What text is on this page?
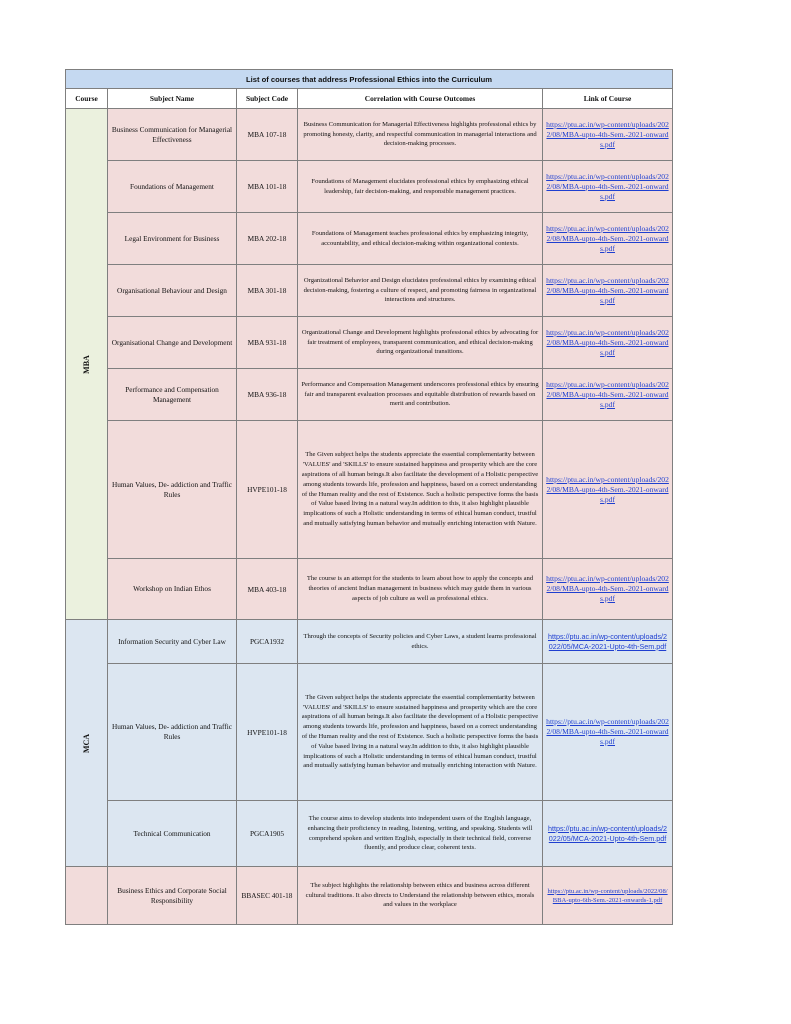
List of courses that address Professional Ethics into the Curriculum				
Course	Subject Name	Subject Code	Correlation with Course Outcomes	Link of Course
MBA	Business Communication for Managerial Effectiveness	MBA 107-18	Business Communication for Managerial Effectiveness highlights professional ethics by promoting honesty, clarity, and respectful communication in managerial interactions and decision-making processes.	https://ptu.ac.in/wp-content/uploads/2022/08/MBA-upto-4th-Sem.-2021-onwards.pdf
	Foundations of Management	MBA 101-18	Foundations of Management elucidates professional ethics by emphasizing ethical leadership, fair decision-making, and responsible management practices.	https://ptu.ac.in/wp-content/uploads/2022/08/MBA-upto-4th-Sem.-2021-onwards.pdf
	Legal Environment for Business	MBA 202-18	Foundations of Management teaches professional ethics by emphasizing integrity, accountability, and ethical decision-making within organizational contexts.	https://ptu.ac.in/wp-content/uploads/2022/08/MBA-upto-4th-Sem.-2021-onwards.pdf
	Organisational Behaviour and Design	MBA 301-18	Organizational Behavior and Design elucidates professional ethics by examining ethical decision-making, fostering a culture of respect, and promoting fairness in organizational interactions and structures.	https://ptu.ac.in/wp-content/uploads/2022/08/MBA-upto-4th-Sem.-2021-onwards.pdf
	Organisational Change and Development	MBA 931-18	Organizational Change and Development highlights professional ethics by advocating for fair treatment of employees, transparent communication, and ethical decision-making during organizational transitions.	https://ptu.ac.in/wp-content/uploads/2022/08/MBA-upto-4th-Sem.-2021-onwards.pdf
	Performance and Compensation Management	MBA 936-18	Performance and Compensation Management underscores professional ethics by ensuring fair and transparent evaluation processes and equitable distribution of rewards based on merit and contribution.	https://ptu.ac.in/wp-content/uploads/2022/08/MBA-upto-4th-Sem.-2021-onwards.pdf
	Human Values, De- addiction and Traffic Rules	HVPE101-18	The Given subject helps the students appreciate the essential complementarity between 'VALUES' and 'SKILLS' to ensure sustained happiness and prosperity which are the core aspirations of all human beings.It also facilitate the development of a Holistic perspective among students towards life, profession and happiness, based on a correct understanding of the Human reality and the rest of Existence. Such a holistic perspective forms the basis of Value based living in a natural way.In addition to this, it also highlight plausible implications of such a Holistic understanding in terms of ethical human conduct, trustful and mutually satisfying human behavior and mutually enriching interaction with Nature.	https://ptu.ac.in/wp-content/uploads/2022/08/MBA-upto-4th-Sem.-2021-onwards.pdf
	Workshop on Indian Ethos	MBA 403-18	The course is an attempt for the students to learn about how to apply the concepts and theories of ancient Indian management in business which may guide them in various aspects of job culture as well as professional ethics.	https://ptu.ac.in/wp-content/uploads/2022/08/MBA-upto-4th-Sem.-2021-onwards.pdf
MCA	Information Security and Cyber Law	PGCA1932	Through the concepts of Security policies and Cyber Laws, a student learns professional ethics.	https://ptu.ac.in/wp-content/uploads/2022/05/MCA-2021-Upto-4th-Sem.pdf
	Human Values, De- addiction and Traffic Rules	HVPE101-18	The Given subject helps the students appreciate the essential complementarity between 'VALUES' and 'SKILLS' to ensure sustained happiness and prosperity which are the core aspirations of all human beings.It also facilitate the development of a Holistic perspective among students towards life, profession and happiness, based on a correct understanding of the Human reality and the rest of Existence. Such a holistic perspective forms the basis of Value based living in a natural way.In addition to this, it also highlight plausible implications of such a Holistic understanding in terms of ethical human conduct, trustful and mutually satisfying human behavior and mutually enriching interaction with Nature.	https://ptu.ac.in/wp-content/uploads/2022/08/MBA-upto-4th-Sem.-2021-onwards.pdf
	Technical Communication	PGCA1905	The course aims to develop students into independent users of the English language, enhancing their proficiency in reading, listening, writing, and speaking. Students will comprehend spoken and written English, especially in their technical field, converse fluently, and produce clear, coherent texts.	https://ptu.ac.in/wp-content/uploads/2022/05/MCA-2021-Upto-4th-Sem.pdf
	Business Ethics and Corporate Social Responsibility	BBASEC 401-18	The subject highlights the relationship between ethics and business across different cultural traditions. It also directs to Understand the relationship between ethics, morals and values in the workplace	https://ptu.ac.in/wp-content/uploads/2022/08/BBA-upto-6th-Sem.-2021-onwards-1.pdf
